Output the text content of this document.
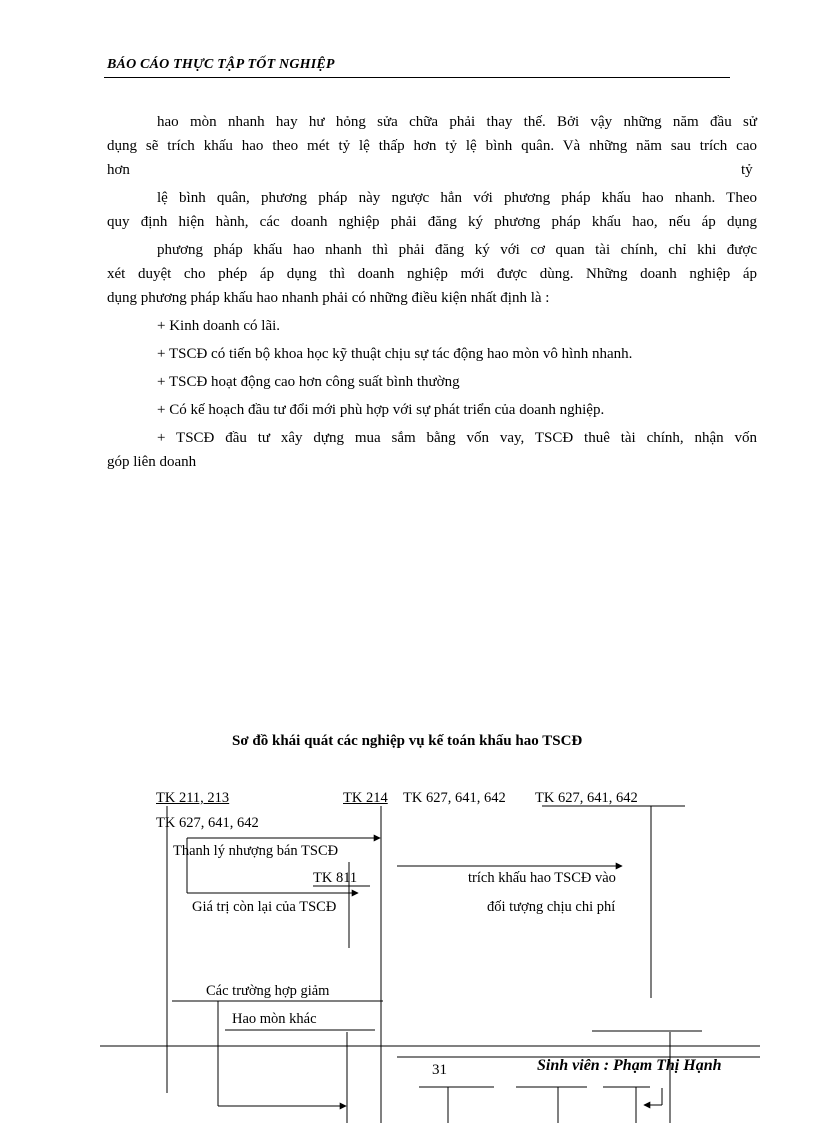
BÁO CÁO THỰC TẬP TỐT NGHIỆP
hao mòn nhanh hay hư hỏng sửa chữa phải thay thế. Bởi vậy những năm đầu sử
dụng sẽ trích khấu hao theo mét tỷ lệ thấp hơn tỷ lệ bình quân. Và những năm sau trích cao
hơn	tỷ
lệ bình quân, phương pháp này ngược hẳn với phương pháp khấu hao nhanh. Theo
quy định hiện hành, các doanh nghiệp phải đăng ký phương pháp khấu hao, nếu áp dụng
phương pháp khấu hao nhanh thì phải đăng ký với cơ quan tài chính, chỉ khi được
xét duyệt cho phép áp dụng thì doanh nghiệp mới được dùng. Những doanh nghiệp áp
dụng phương pháp khấu hao nhanh phải có những điều kiện nhất định là :
+ Kinh doanh có lãi.
+ TSCĐ có tiến bộ khoa học kỹ thuật chịu sự tác động hao mòn vô hình nhanh.
+ TSCĐ hoạt động cao hơn công suất bình thường
+ Có kế hoạch đầu tư đổi mới phù hợp với sự phát triển của doanh nghiệp.
+ TSCĐ đầu tư xây dựng mua sắm bằng vốn vay, TSCĐ thuê tài chính, nhận vốn
góp liên doanh
Sơ đồ khái quát các nghiệp vụ kế toán khấu hao TSCĐ
TK 211, 213	TK 214 TK 627, 641, 642 TK 627, 641, 642
TK 627, 641, 642
Thanh lý nhượng bán TSCĐ
TK 811
Giá trị còn lại của TSCĐ
trích khấu hao TSCĐ vào
đối tượng chịu chi phí
Các trường hợp giảm
Hao mòn khác
31	Sinh viên : Phạm Thị Hạnh
